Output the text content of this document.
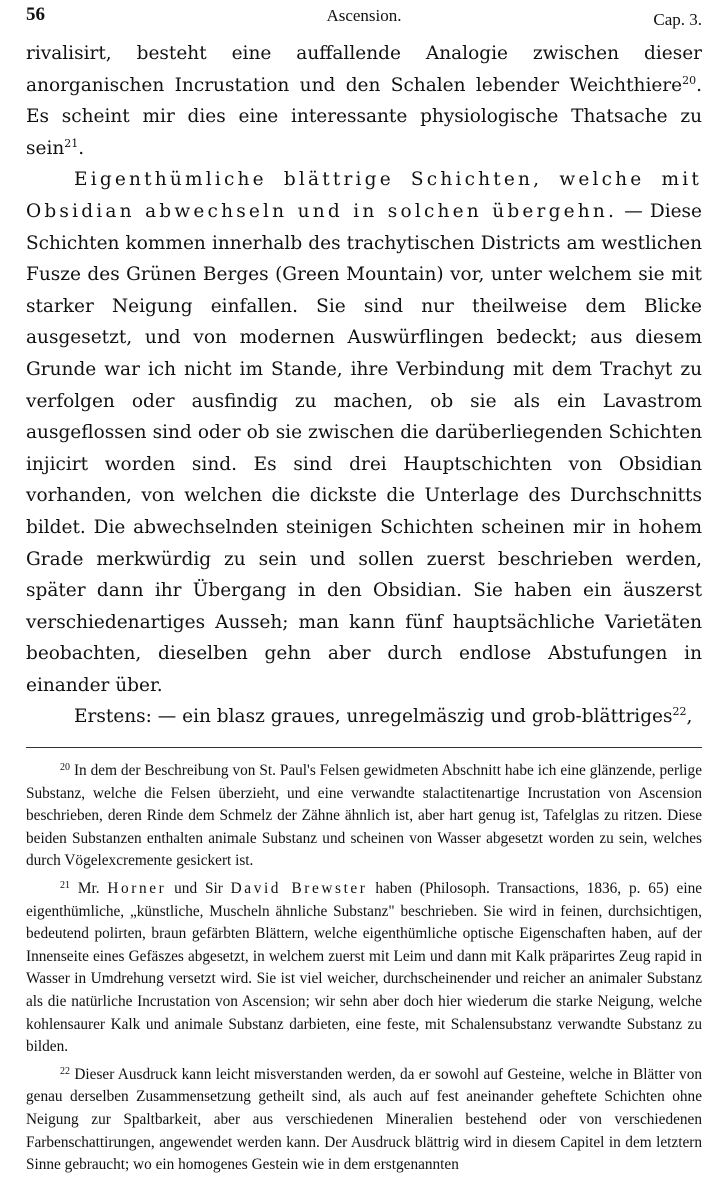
56	Ascension.	Cap. 3.

rivalisirt, besteht eine auffallende Analogie zwischen dieser anorganischen Incrustation und den Schalen lebender Weichthiere$^{20}$. Es scheint mir dies eine interessante physiologische Thatsache zu sein$^{21}$.

Eigenthümliche blättrige Schichten, welche mit Obsidian abwechseln und in solchen übergehn. — Diese Schichten kommen innerhalb des trachytischen Districts am westlichen Fusze des Grünen Berges (Green Mountain) vor, unter welchem sie mit starker Neigung einfallen. Sie sind nur theilweise dem Blicke ausgesetzt, und von modernen Auswürflingen bedeckt; aus diesem Grunde war ich nicht im Stande, ihre Verbindung mit dem Trachyt zu verfolgen oder ausfindig zu machen, ob sie als ein Lavastrom ausgeflossen sind oder ob sie zwischen die darüberliegenden Schichten injicirt worden sind. Es sind drei Hauptschichten von Obsidian vorhanden, von welchen die dickste die Unterlage des Durchschnitts bildet. Die abwechselnden steinigen Schichten scheinen mir in hohem Grade merkwürdig zu sein und sollen zuerst beschrieben werden, später dann ihr Übergang in den Obsidian. Sie haben ein äuszerst verschiedenartiges Ausseh; man kann fünf hauptsächliche Varietäten beobachten, dieselben gehn aber durch endlose Abstufungen in einander über.

Erstens: — ein blasz graues, unregelmäszig und grob-blättriges$^{22}$,

$^{20}$ In dem der Beschreibung von St. Paul's Felsen gewidmeten Abschnitt habe ich eine glänzende, perlige Substanz, welche die Felsen überzieht, und eine verwandte stalactitenartige Incrustation von Ascension beschrieben, deren Rinde dem Schmelz der Zähne ähnlich ist, aber hart genug ist, Tafelglas zu ritzen. Diese beiden Substanzen enthalten animale Substanz und scheinen von Wasser abgesetzt worden zu sein, welches durch Vögelexcremente gesickert ist.

$^{21}$ Mr. Horner und Sir David Brewster haben (Philosoph. Transactions, 1836, p. 65) eine eigenthümliche, „künstliche, Muscheln ähnliche Substanz" beschrieben. Sie wird in feinen, durchsichtigen, bedeutend polirten, braun gefärbten Blättern, welche eigenthümliche optische Eigenschaften haben, auf der Innenseite eines Gefäszes abgesetzt, in welchem zuerst mit Leim und dann mit Kalk präparirtes Zeug rapid in Wasser in Umdrehung versetzt wird. Sie ist viel weicher, durchscheinender und reicher an animaler Substanz als die natürliche Incrustation von Ascension; wir sehn aber doch hier wiederum die starke Neigung, welche kohlensaurer Kalk und animale Substanz darbieten, eine feste, mit Schalensubstanz verwandte Substanz zu bilden.

$^{22}$ Dieser Ausdruck kann leicht misverstanden werden, da er sowohl auf Gesteine, welche in Blätter von genau derselben Zusammensetzung getheilt sind, als auch auf fest aneinander geheftete Schichten ohne Neigung zur Spaltbarkeit, aber aus verschiedenen Mineralien bestehend oder von verschiedenen Farbenschattirungen, angewendet werden kann. Der Ausdruck blättrig wird in diesem Capitel in dem letztern Sinne gebraucht; wo ein homogenes Gestein wie in dem erstgenannten
